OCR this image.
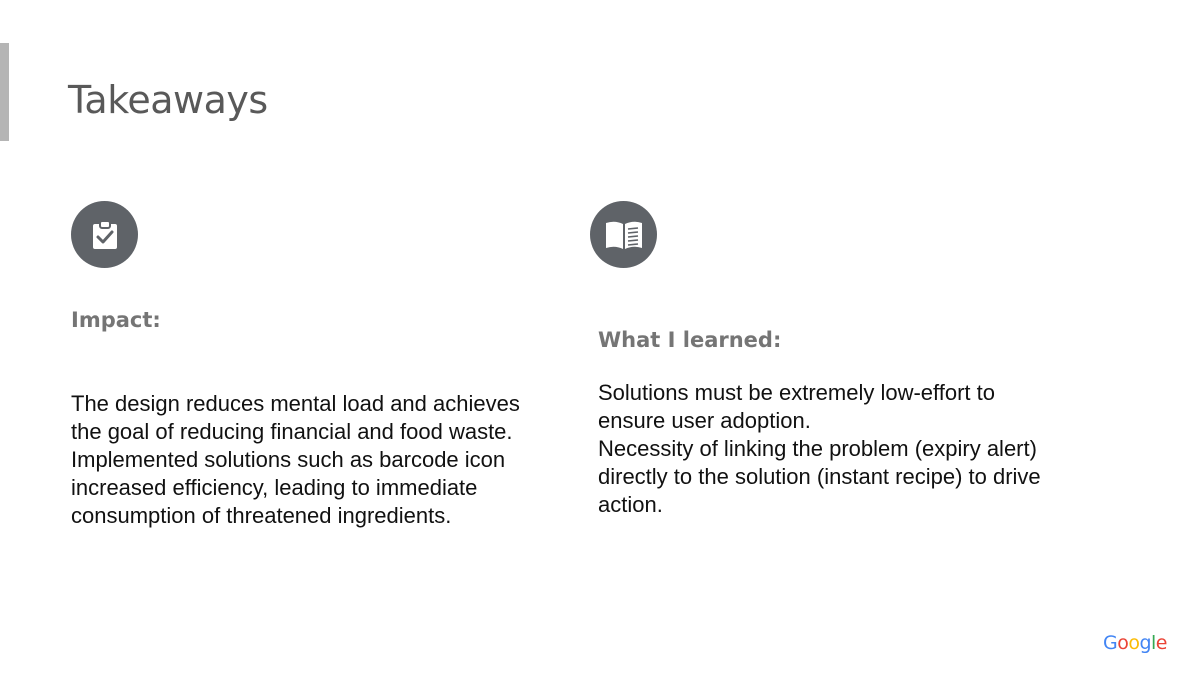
Takeaways
Impact:
What I learned:

The design reduces mental load and achieves the goal of reducing financial and food waste.
Implemented solutions such as barcode icon increased efficiency, leading to immediate consumption of threatened ingredients.

Solutions must be extremely low-effort to ensure user adoption.
Necessity of linking the problem (expiry alert) directly to the solution (instant recipe) to drive action.

Google
